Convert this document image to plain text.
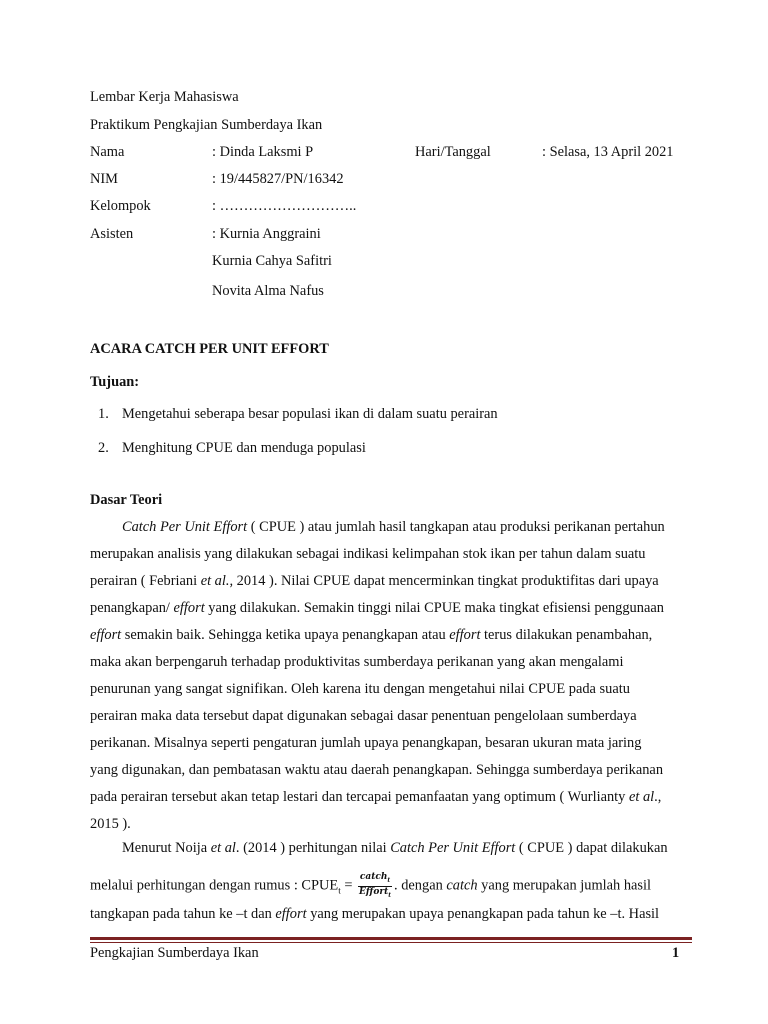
Lembar Kerja Mahasiswa
Praktikum Pengkajian Sumberdaya Ikan
Nama	: Dinda Laksmi P	Hari/Tanggal	: Selasa, 13 April 2021
NIM	: 19/445827/PN/16342
Kelompok	: ………………………..
Asisten	: Kurnia Anggraini
Kurnia Cahya Safitri
Novita Alma Nafus
ACARA CATCH PER UNIT EFFORT
Tujuan:
1. Mengetahui seberapa besar populasi ikan di dalam suatu perairan
2. Menghitung CPUE dan menduga populasi
Dasar Teori
Catch Per Unit Effort ( CPUE ) atau jumlah hasil tangkapan atau produksi perikanan pertahun
merupakan analisis yang dilakukan sebagai indikasi kelimpahan stok ikan per tahun dalam suatu
perairan ( Febriani et al., 2014 ). Nilai CPUE dapat mencerminkan tingkat produktifitas dari upaya
penangkapan/ effort yang dilakukan. Semakin tinggi nilai CPUE maka tingkat efisiensi penggunaan
effort semakin baik. Sehingga ketika upaya penangkapan atau effort terus dilakukan penambahan,
maka akan berpengaruh terhadap produktivitas sumberdaya perikanan yang akan mengalami
penurunan yang sangat signifikan. Oleh karena itu dengan mengetahui nilai CPUE pada suatu
perairan maka data tersebut dapat digunakan sebagai dasar penentuan pengelolaan sumberdaya
perikanan. Misalnya seperti pengaturan jumlah upaya penangkapan, besaran ukuran mata jaring
yang digunakan, dan pembatasan waktu atau daerah penangkapan. Sehingga sumberdaya perikanan
pada perairan tersebut akan tetap lestari dan tercapai pemanfaatan yang optimum ( Wurlianty et al.,
2015 ).
Menurut Noija et al. (2014 ) perhitungan nilai Catch Per Unit Effort ( CPUE ) dapat dilakukan
melalui perhitungan dengan rumus : $CPUE_t = \frac{catch_t}{Effort_t}$ . dengan catch yang merupakan jumlah hasil
tangkapan pada tahun ke –t dan effort yang merupakan upaya penangkapan pada tahun ke –t. Hasil
Pengkajian Sumberdaya Ikan	1
